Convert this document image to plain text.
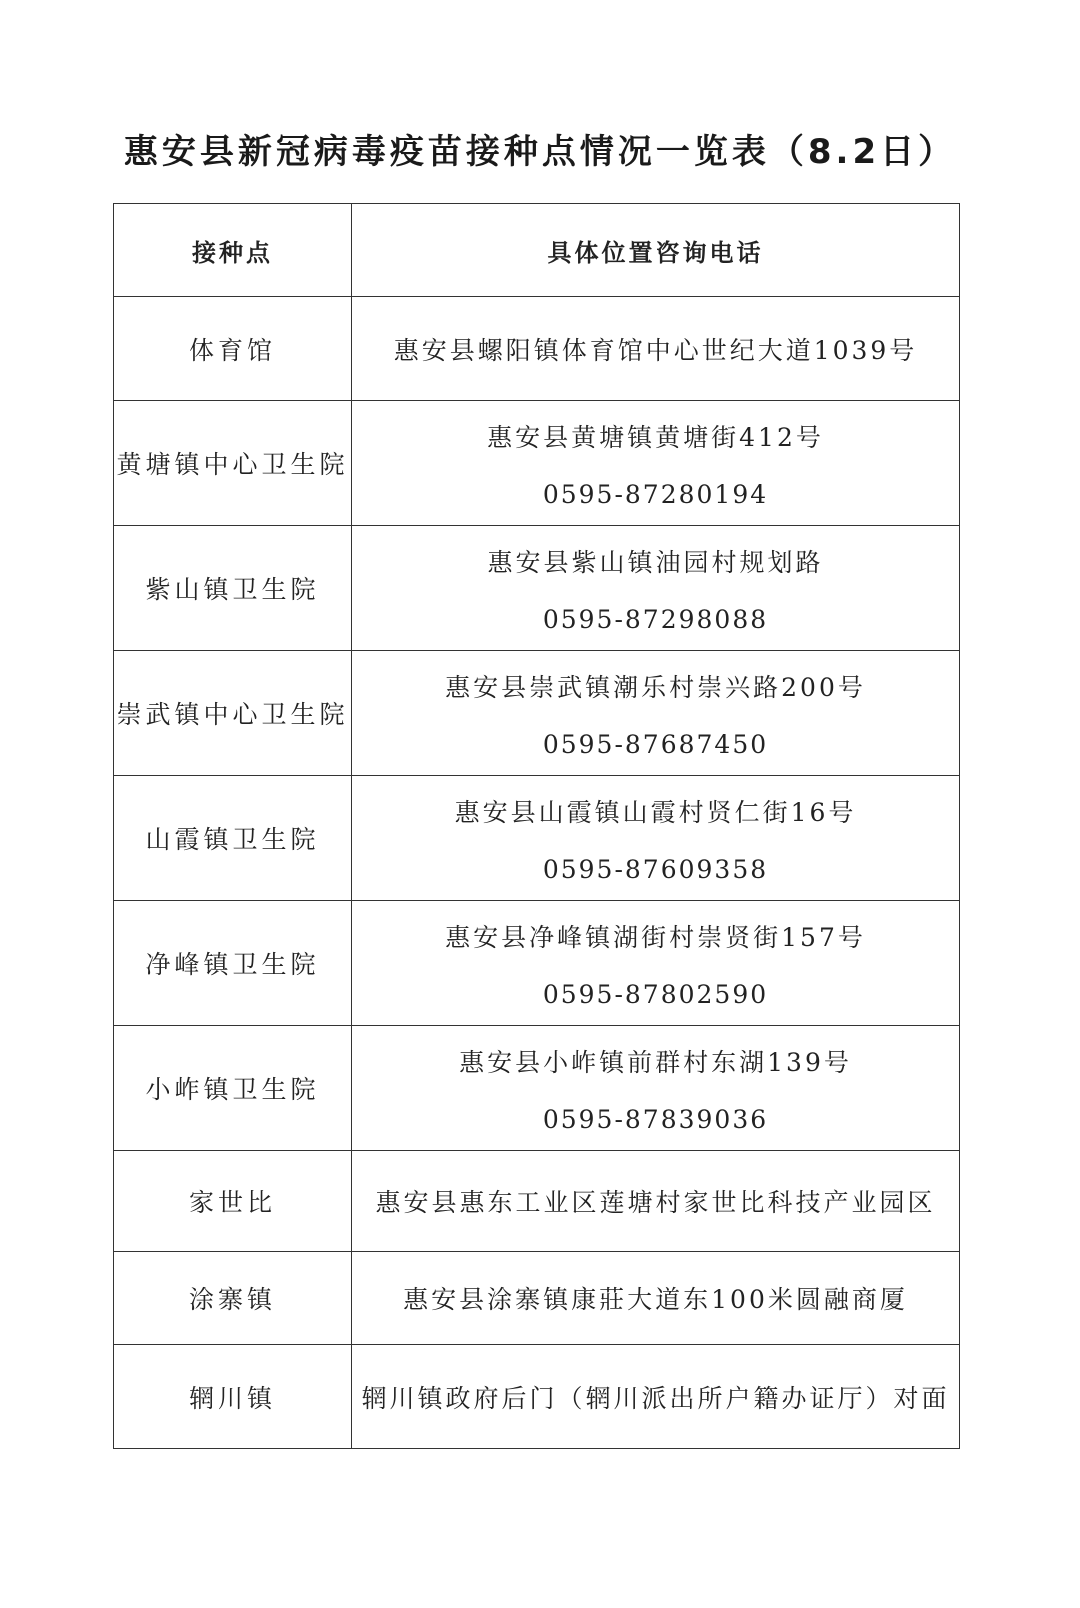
惠安县新冠病毒疫苗接种点情况一览表（8.2日）
接种点	具体位置咨询电话
体育馆	惠安县螺阳镇体育馆中心世纪大道1039号

黄塘镇中心卫生院	惠安县黄塘镇黄塘街412号
0595-87280194

紫山镇卫生院	惠安县紫山镇油园村规划路
0595-87298088

崇武镇中心卫生院	惠安县崇武镇潮乐村崇兴路200号
0595-87687450

山霞镇卫生院	惠安县山霞镇山霞村贤仁街16号
0595-87609358

净峰镇卫生院	惠安县净峰镇湖街村崇贤街157号
0595-87802590

小岞镇卫生院	惠安县小岞镇前群村东湖139号
0595-87839036

家世比	惠安县惠东工业区莲塘村家世比科技产业园区

涂寨镇	惠安县涂寨镇康莊大道东100米圆融商厦

辋川镇	辋川镇政府后门（辋川派出所户籍办证厅）对面
